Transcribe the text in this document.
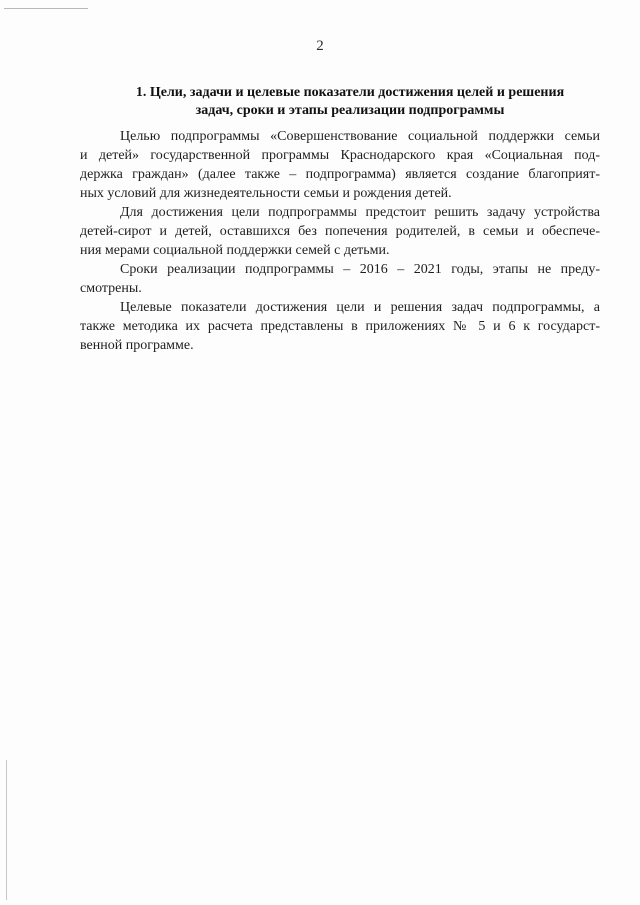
2
1. Цели, задачи и целевые показатели достижения целей и решения
задач, сроки и этапы реализации подпрограммы

Целью подпрограммы «Совершенствование социальной поддержки семьи
и детей» государственной программы Краснодарского края «Социальная под-
держка граждан» (далее также – подпрограмма) является создание благоприят-
ных условий для жизнедеятельности семьи и рождения детей.

Для достижения цели подпрограммы предстоит решить задачу устройства
детей-сирот и детей, оставшихся без попечения родителей, в семьи и обеспече-
ния мерами социальной поддержки семей с детьми.

Сроки реализации подпрограммы – 2016 – 2021 годы, этапы не преду-
смотрены.

Целевые показатели достижения цели и решения задач подпрограммы, а
также методика их расчета представлены в приложениях № 5 и 6 к государст-
венной программе.
